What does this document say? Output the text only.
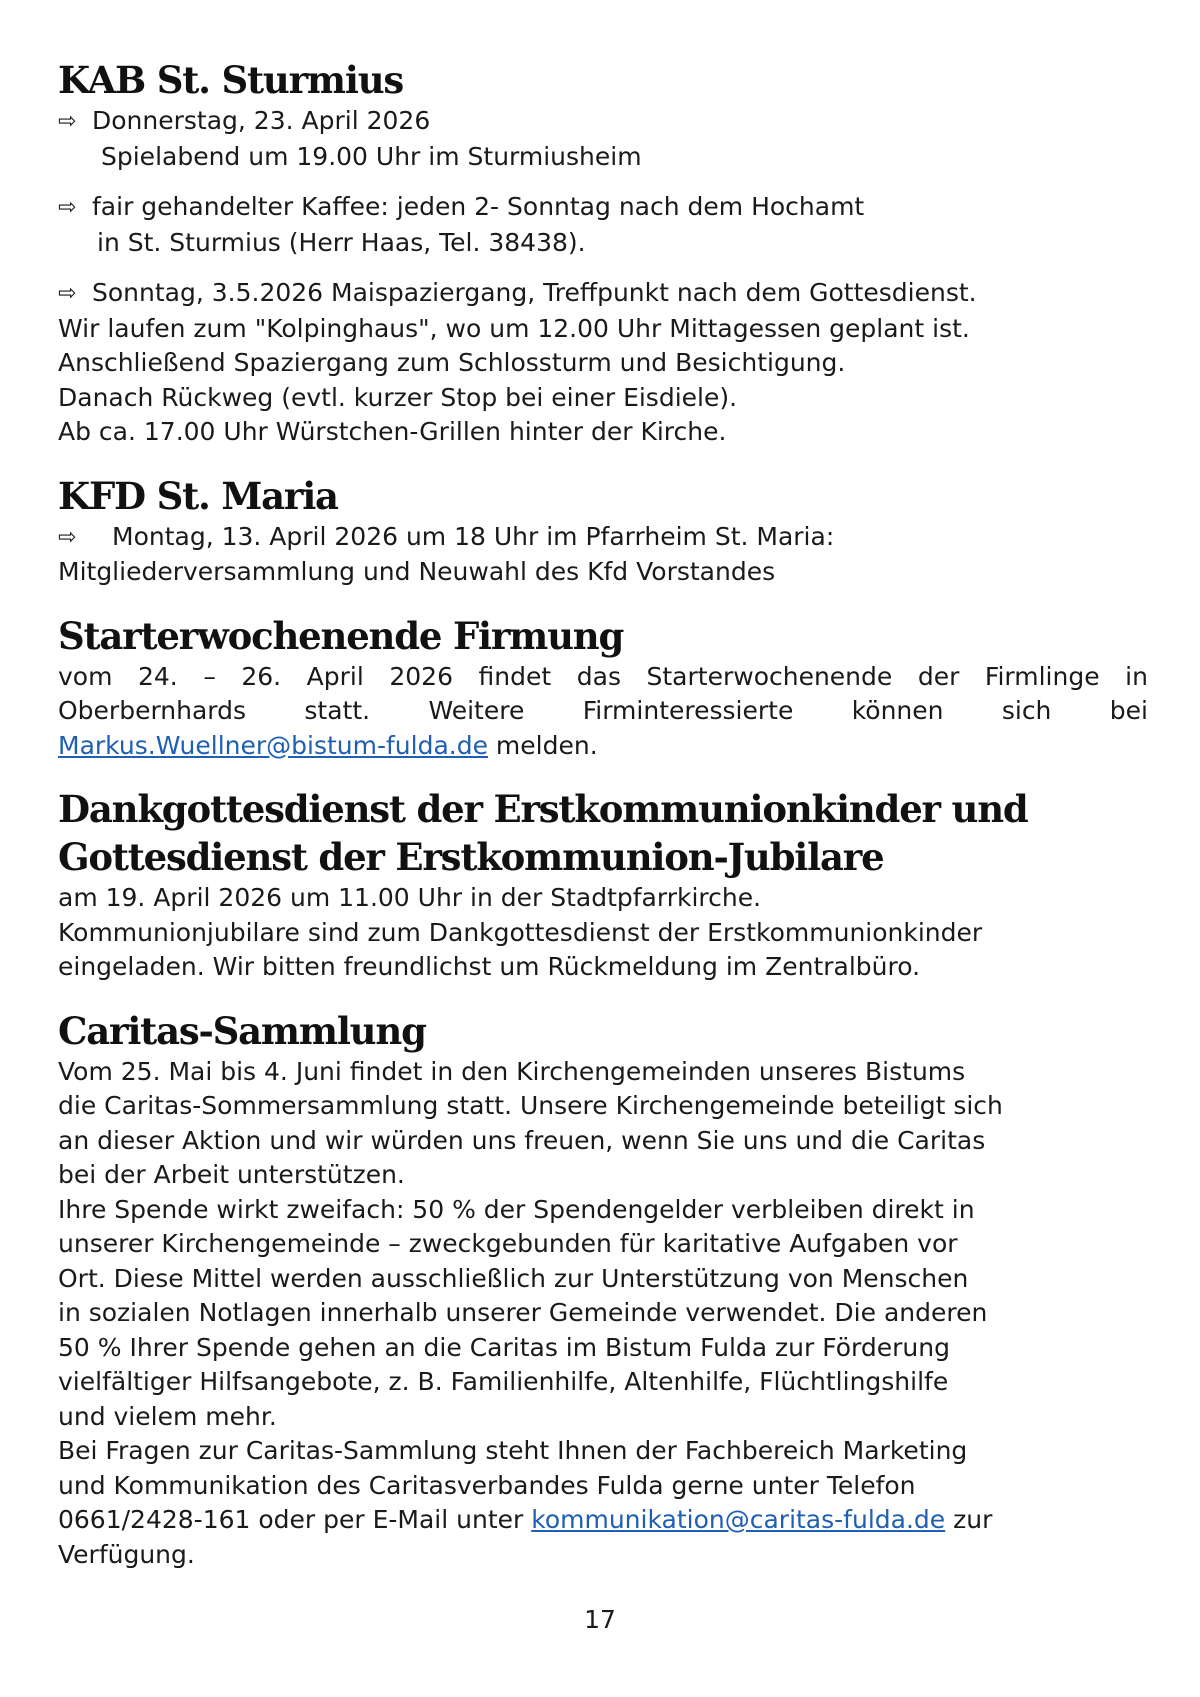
KAB St. Sturmius
⇨ Donnerstag, 23. April 2026
Spielabend um 19.00 Uhr im Sturmiusheim
⇨ fair gehandelter Kaffee: jeden 2- Sonntag nach dem Hochamt
in St. Sturmius (Herr Haas, Tel. 38438).
⇨ Sonntag, 3.5.2026 Maispaziergang, Treffpunkt nach dem Gottesdienst.
Wir laufen zum "Kolpinghaus", wo um 12.00 Uhr Mittagessen geplant ist.
Anschließend Spaziergang zum Schlossturm und Besichtigung.
Danach Rückweg (evtl. kurzer Stop bei einer Eisdiele).
Ab ca. 17.00 Uhr Würstchen-Grillen hinter der Kirche.
KFD St. Maria
⇨ Montag, 13. April 2026 um 18 Uhr im Pfarrheim St. Maria:
Mitgliederversammlung und Neuwahl des Kfd Vorstandes
Starterwochenende Firmung
vom 24. – 26. April 2026 findet das Starterwochenende der Firmlinge in
Oberbernhards statt. Weitere Firminteressierte können sich bei
Markus.Wuellner@bistum-fulda.de melden.
Dankgottesdienst der Erstkommunionkinder und
Gottesdienst der Erstkommunion-Jubilare
am 19. April 2026 um 11.00 Uhr in der Stadtpfarrkirche.
Kommunionjubilare sind zum Dankgottesdienst der Erstkommunionkinder
eingeladen. Wir bitten freundlichst um Rückmeldung im Zentralbüro.
Caritas-Sammlung
Vom 25. Mai bis 4. Juni findet in den Kirchengemeinden unseres Bistums
die Caritas-Sommersammlung statt. Unsere Kirchengemeinde beteiligt sich
an dieser Aktion und wir würden uns freuen, wenn Sie uns und die Caritas
bei der Arbeit unterstützen.
Ihre Spende wirkt zweifach: 50 % der Spendengelder verbleiben direkt in
unserer Kirchengemeinde – zweckgebunden für karitative Aufgaben vor
Ort. Diese Mittel werden ausschließlich zur Unterstützung von Menschen
in sozialen Notlagen innerhalb unserer Gemeinde verwendet. Die anderen
50 % Ihrer Spende gehen an die Caritas im Bistum Fulda zur Förderung
vielfältiger Hilfsangebote, z. B. Familienhilfe, Altenhilfe, Flüchtlingshilfe
und vielem mehr.
Bei Fragen zur Caritas-Sammlung steht Ihnen der Fachbereich Marketing
und Kommunikation des Caritasverbandes Fulda gerne unter Telefon
0661/2428-161 oder per E-Mail unter kommunikation@caritas-fulda.de zur
Verfügung.
17
